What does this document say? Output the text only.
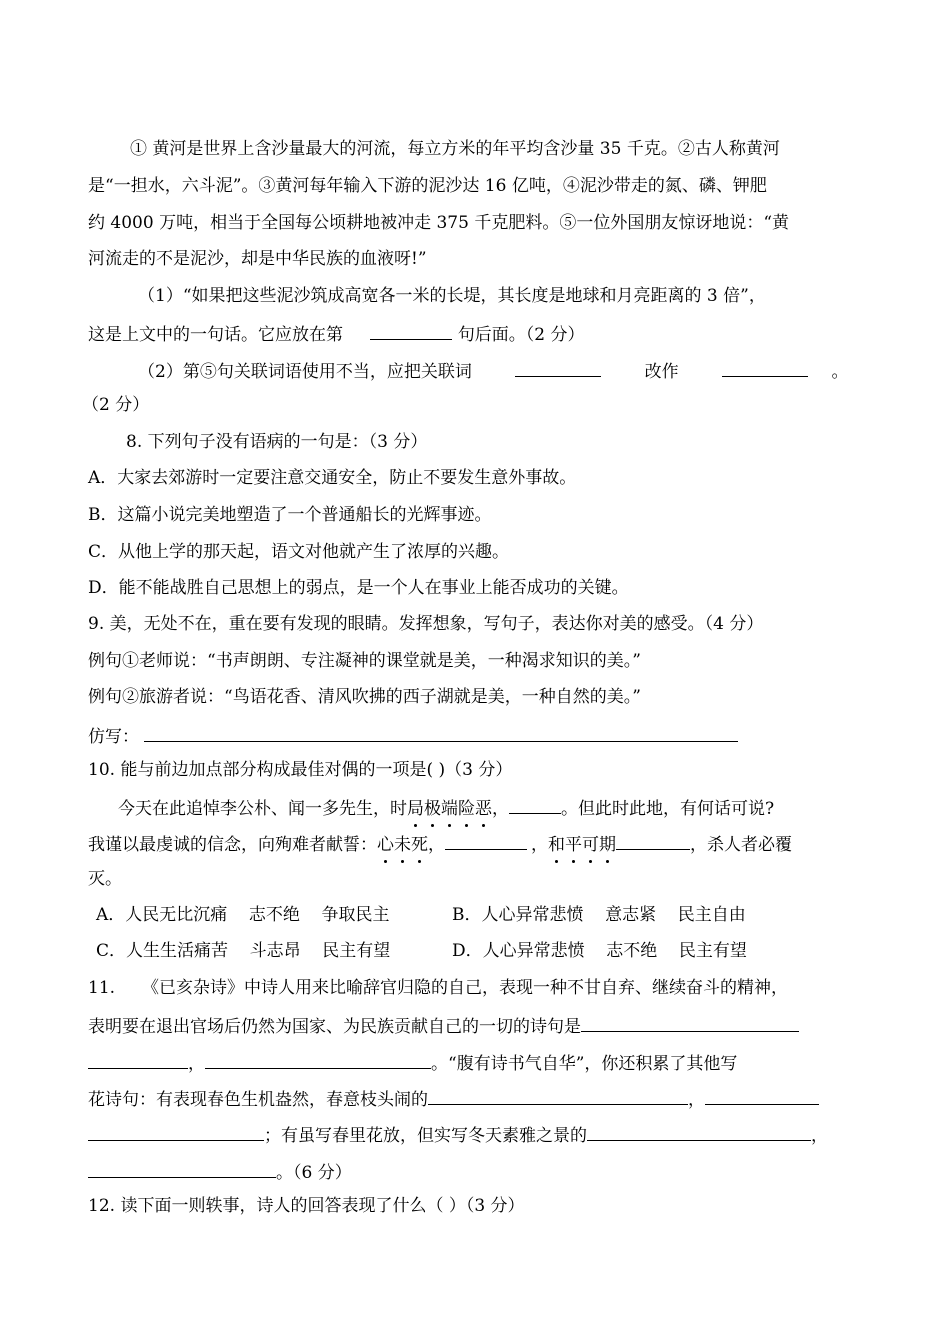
① 黄河是世界上含沙量最大的河流，每立方米的年平均含沙量 35 千克。②古人称黄河
是“一担水，六斗泥”。③黄河每年输入下游的泥沙达 16 亿吨，④泥沙带走的氮、磷、钾肥
约 4000 万吨，相当于全国每公顷耕地被冲走 375 千克肥料。⑤一位外国朋友惊讶地说：“黄
河流走的不是泥沙，却是中华民族的血液呀!”
（1）“如果把这些泥沙筑成高宽各一米的长堤，其长度是地球和月亮距离的 3 倍”，
这是上文中的一句话。它应放在第	句后面。（2 分）
（2）第⑤句关联词语使用不当，应把关联词	改作	。
（2 分）
8. 下列句子没有语病的一句是：（3 分）
A．大家去郊游时一定要注意交通安全，防止不要发生意外事故。
B．这篇小说完美地塑造了一个普通船长的光辉事迹。
C．从他上学的那天起，语文对他就产生了浓厚的兴趣。
D．能不能战胜自己思想上的弱点，是一个人在事业上能否成功的关键。
9. 美，无处不在，重在要有发现的眼睛。发挥想象，写句子，表达你对美的感受。（4 分）
例句①老师说：“书声朗朗、专注凝神的课堂就是美，一种渴求知识的美。”
例句②旅游者说：“鸟语花香、清风吹拂的西子湖就是美，一种自然的美。”
仿写：
10. 能与前边加点部分构成最佳对偶的一项是( )（3 分）
今天在此追悼李公朴、闻一多先生，时局极端险恶，	。但此时此地，有何话可说?
我谨以最虔诚的信念，向殉难者献誓：心未死，	，和平可期	，杀人者必覆
灭。
A．人民无比沉痛    志不绝    争取民主	B．人心异常悲愤    意志紧    民主自由
C．人生生活痛苦    斗志昂    民主有望	D．人心异常悲愤    志不绝    民主有望
11.     《已亥杂诗》中诗人用来比喻辞官归隐的自己，表现一种不甘自弃、继续奋斗的精神，
表明要在退出官场后仍然为国家、为民族贡献自己的一切的诗句是
，	。“腹有诗书气自华”，你还积累了其他写
花诗句：有表现春色生机盎然，春意枝头闹的	，
；有虽写春里花放，但实写冬天素雅之景的	，
。（6 分）
12. 读下面一则轶事，诗人的回答表现了什么（ ）（3 分）
